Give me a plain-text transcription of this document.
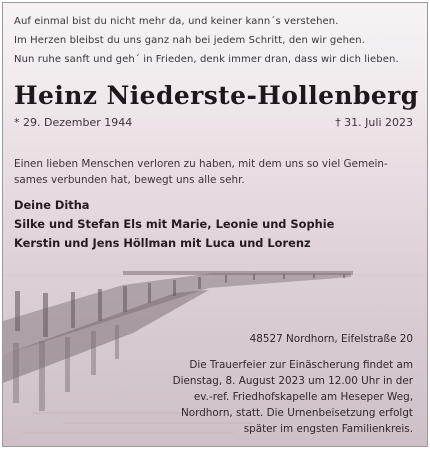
Auf einmal bist du nicht mehr da, und keiner kann´s verstehen.
Im Herzen bleibst du uns ganz nah bei jedem Schritt, den wir gehen.
Nun ruhe sanft und geh´ in Frieden, denk immer dran, dass wir dich lieben.
Heinz Niederste-Hollenberg
* 29. Dezember 1944	† 31. Juli 2023
Einen lieben Menschen verloren zu haben, mit dem uns so viel Gemein-
sames verbunden hat, bewegt uns alle sehr.
Deine Ditha
Silke und Stefan Els mit Marie, Leonie und Sophie
Kerstin und Jens Höllman mit Luca und Lorenz
48527 Nordhorn, Eifelstraße 20
Die Trauerfeier zur Einäscherung findet am
Dienstag, 8. August 2023 um 12.00 Uhr in der
ev.-ref. Friedhofskapelle am Heseper Weg,
Nordhorn, statt. Die Urnenbeisetzung erfolgt
später im engsten Familienkreis.
